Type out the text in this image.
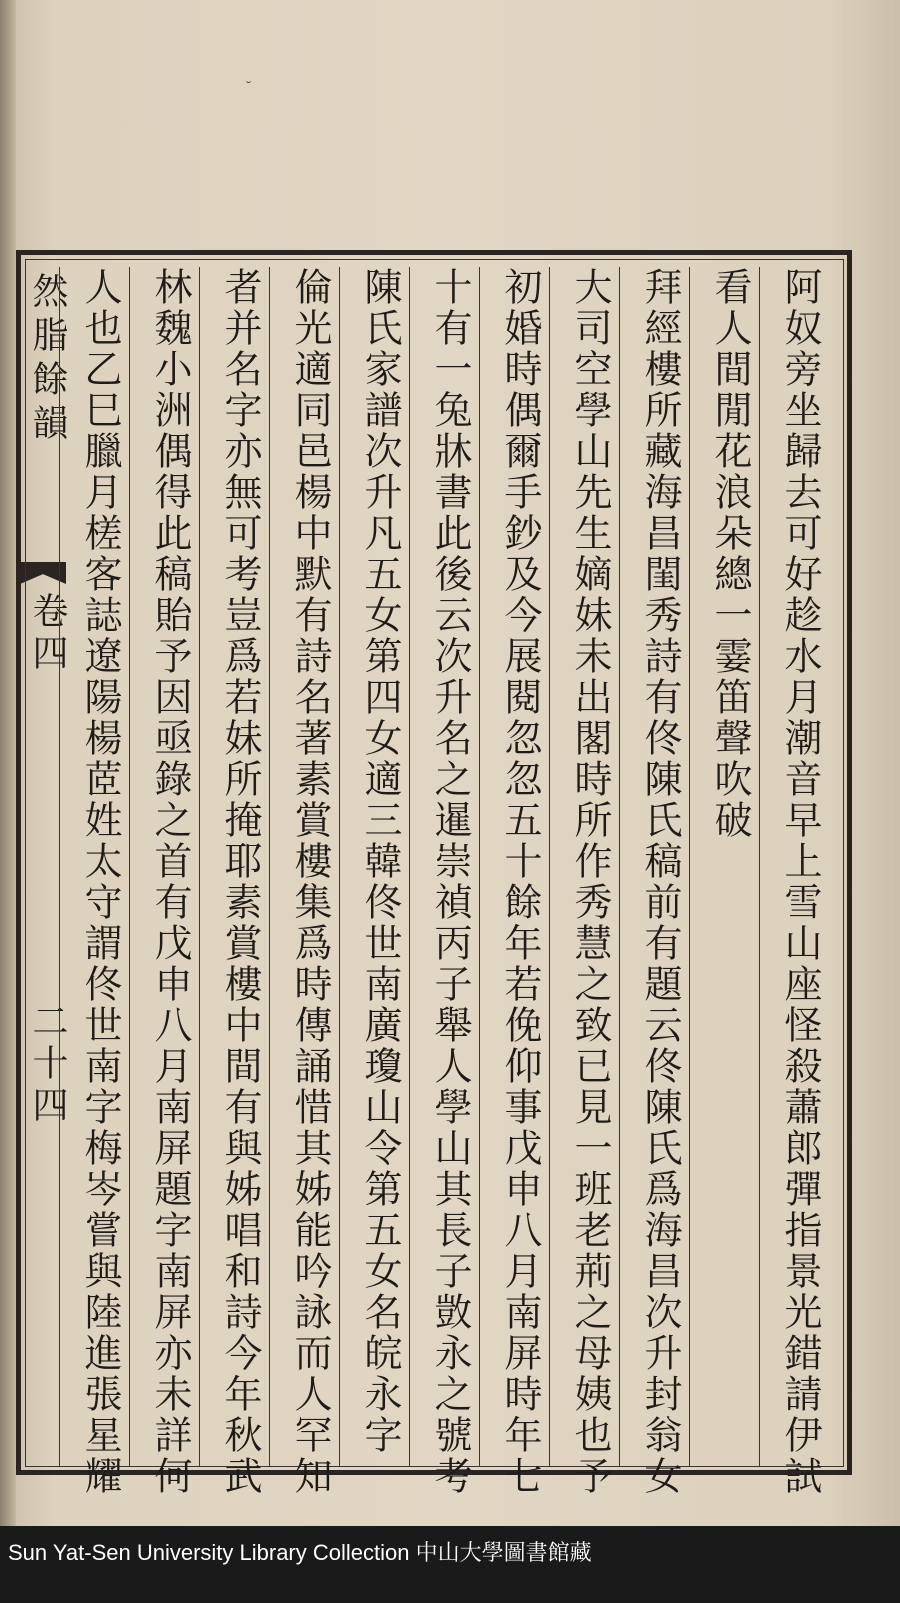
˘
然脂餘韻
卷四
二十四	阿奴旁坐歸去可好趁水月潮音早上雪山座怪殺蕭郎彈指景光錯請伊試
看人間閒花浪朵總一霎笛聲吹破
拜經樓所藏海昌閨秀詩有佟陳氏稿前有題云佟陳氏爲海昌次升封翁女
大司空學山先生嫡妹未出閣時所作秀慧之致已見一班老荊之母姨也予
初婚時偶爾手鈔及今展閱忽忽五十餘年若俛仰事戊申八月南屏時年七
十有一兔牀書此後云次升名之暹崇禎丙子舉人學山其長子敳永之號考
陳氏家譜次升凡五女第四女適三韓佟世南廣瓊山令第五女名皖永字
倫光適同邑楊中默有詩名著素賞樓集爲時傳誦惜其姊能吟詠而人罕知
者并名字亦無可考豈爲若妹所掩耶素賞樓中間有與姊唱和詩今年秋武
林魏小洲偶得此稿貽予因亟錄之首有戊申八月南屏題字南屏亦未詳何
人也乙巳臘月槎客誌遼陽楊茝姓太守謂佟世南字梅岑嘗與陸進張星耀
Sun Yat-Sen University Library Collection 中山大學圖書館藏
